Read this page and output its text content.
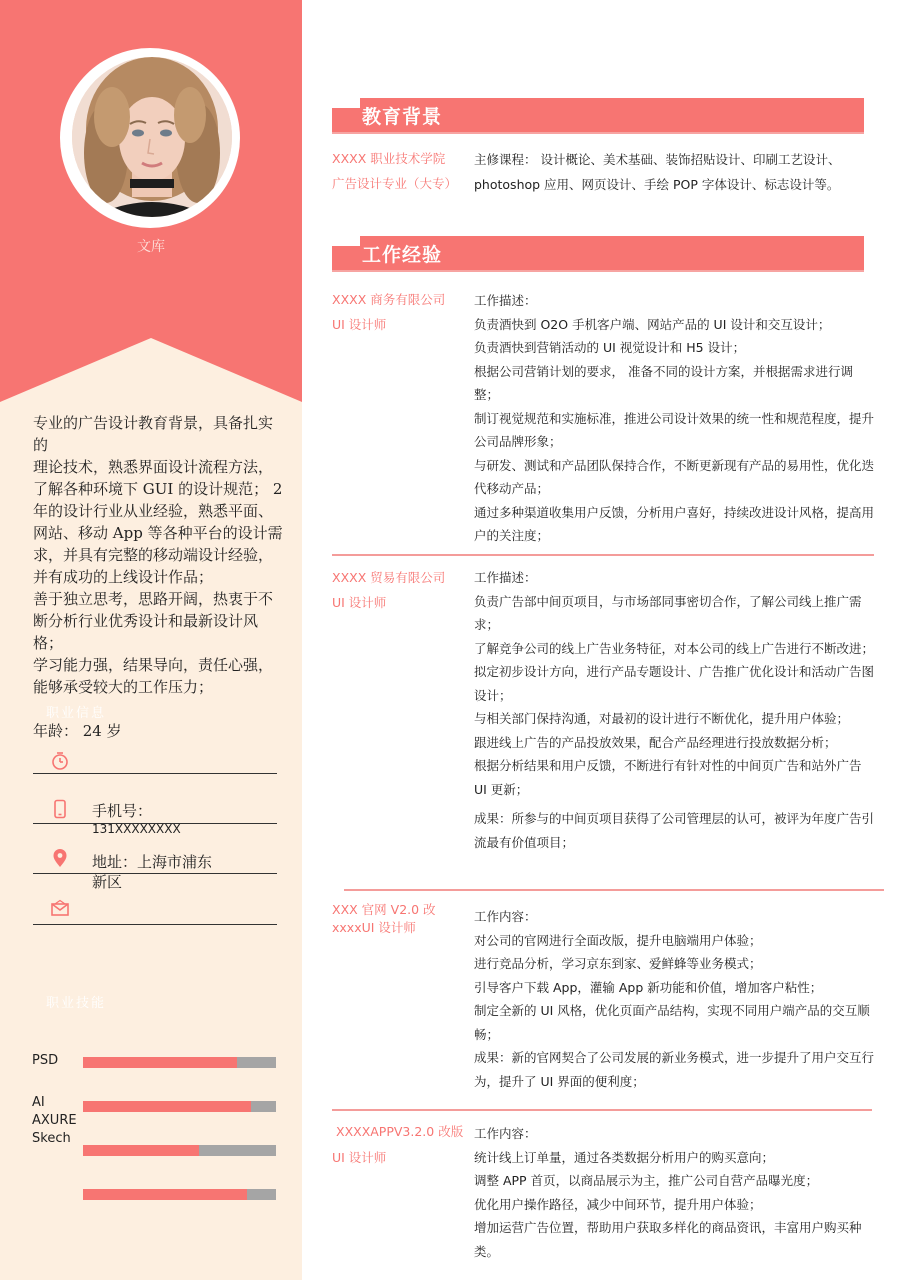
文库

专业的广告设计教育背景，具备扎实的

理论技术，熟悉界面设计流程方法，了解各种环境下 GUI 的设计规范； 2 年的设计行业从业经验，熟悉平面、网站、移动 App 等各种平台的设计需求，并具有完整的移动端设计经验，并有成功的上线设计作品；

善于独立思考，思路开阔，热衷于不断分析行业优秀设计和最新设计风格；

学习能力强，结果导向，责任心强，能够承受较大的工作压力；

职业信息
年龄： 24 岁
手机号：
131XXXXXXXX
地址：上海市浦东
新区
职业技能
PSD
AI
AXURE
Skech
教育背景
XXXX 职业技术学院
广告设计专业（大专）

主修课程： 设计概论、美术基础、装饰招贴设计、印刷工艺设计、photoshop 应用、网页设计、手绘 POP 字体设计、标志设计等。

工作经验
XXXX 商务有限公司
UI 设计师

工作描述：

负责酒快到 O2O 手机客户端、网站产品的 UI 设计和交互设计；

负责酒快到营销活动的 UI 视觉设计和 H5 设计；

根据公司营销计划的要求， 准备不同的设计方案，并根据需求进行调整；

制订视觉规范和实施标准，推进公司设计效果的统一性和规范程度，提升公司品牌形象；

与研发、测试和产品团队保持合作，不断更新现有产品的易用性，优化迭代移动产品；

通过多种渠道收集用户反馈，分析用户喜好，持续改进设计风格，提高用户的关注度；

XXXX 贸易有限公司 UI 设计师

工作描述：

负责广告部中间页项目，与市场部同事密切合作，了解公司线上推广需求；

了解竞争公司的线上广告业务特征，对本公司的线上广告进行不断改进；

拟定初步设计方向，进行产品专题设计、广告推广优化设计和活动广告图设计；

与相关部门保持沟通，对最初的设计进行不断优化，提升用户体验；

跟进线上广告的产品投放效果，配合产品经理进行投放数据分析；

根据分析结果和用户反馈，不断进行有针对性的中间页广告和站外广告 UI 更新；

成果：所参与的中间页项目获得了公司管理层的认可，被评为年度广告引流最有价值项目；

XXX 官网 V2.0 改
xxxxUI 设计师

工作内容：

对公司的官网进行全面改版，提升电脑端用户体验；

进行竞品分析，学习京东到家、爱鲜蜂等业务模式；

引导客户下载 App，灌输 App 新功能和价值，增加客户粘性；

制定全新的 UI 风格，优化页面产品结构，实现不同用户端产品的交互顺畅；

成果：新的官网契合了公司发展的新业务模式，进一步提升了用户交互行为，提升了 UI 界面的便利度；

XXXXAPPV3.2.0 改版
UI 设计师

工作内容：

统计线上订单量，通过各类数据分析用户的购买意向；

调整 APP 首页，以商品展示为主，推广公司自营产品曝光度；

优化用户操作路径，减少中间环节，提升用户体验；

增加运营广告位置，帮助用户获取多样化的商品资讯，丰富用户购买种类。
